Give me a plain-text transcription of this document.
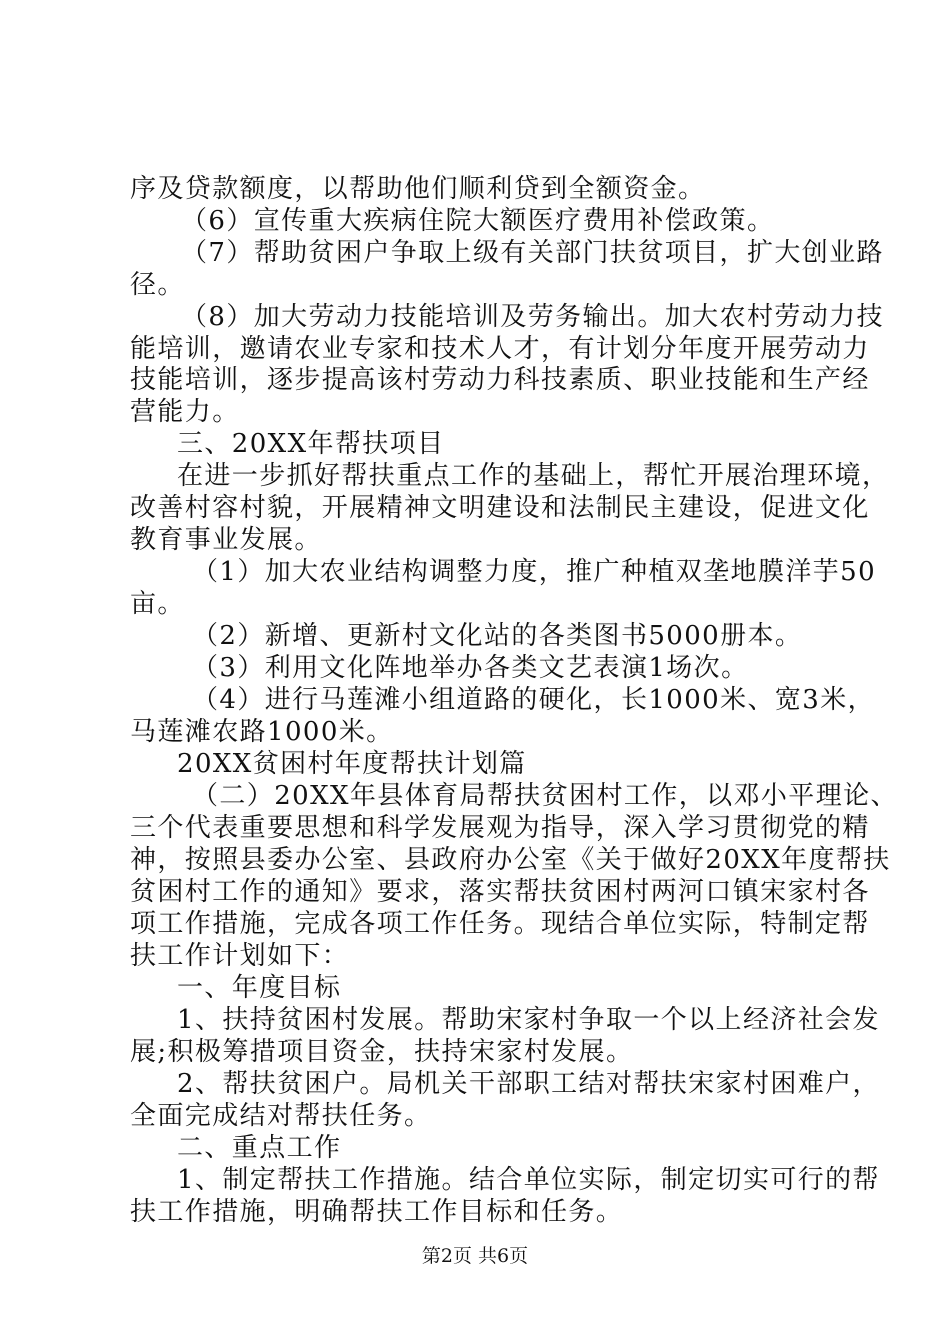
序及贷款额度，以帮助他们顺利贷到全额资金。
（6）宣传重大疾病住院大额医疗费用补偿政策。
（7）帮助贫困户争取上级有关部门扶贫项目，扩大创业路
径。
（8）加大劳动力技能培训及劳务输出。加大农村劳动力技
能培训，邀请农业专家和技术人才，有计划分年度开展劳动力
技能培训，逐步提高该村劳动力科技素质、职业技能和生产经
营能力。
三、20XX年帮扶项目
在进一步抓好帮扶重点工作的基础上，帮忙开展治理环境，
改善村容村貌，开展精神文明建设和法制民主建设，促进文化
教育事业发展。
（1）加大农业结构调整力度，推广种植双垄地膜洋芋50
亩。
（2）新增、更新村文化站的各类图书5000册本。
（3）利用文化阵地举办各类文艺表演1场次。
（4）进行马莲滩小组道路的硬化，长1000米、宽3米，
马莲滩农路1000米。
20XX贫困村年度帮扶计划篇
（二）20XX年县体育局帮扶贫困村工作，以邓小平理论、
三个代表重要思想和科学发展观为指导，深入学习贯彻党的精
神，按照县委办公室、县政府办公室《关于做好20XX年度帮扶
贫困村工作的通知》要求，落实帮扶贫困村两河口镇宋家村各
项工作措施，完成各项工作任务。现结合单位实际，特制定帮
扶工作计划如下：
一、年度目标
1、扶持贫困村发展。帮助宋家村争取一个以上经济社会发
展;积极筹措项目资金，扶持宋家村发展。
2、帮扶贫困户。局机关干部职工结对帮扶宋家村困难户，
全面完成结对帮扶任务。
二、重点工作
1、制定帮扶工作措施。结合单位实际，制定切实可行的帮
扶工作措施，明确帮扶工作目标和任务。
第2页 共6页
